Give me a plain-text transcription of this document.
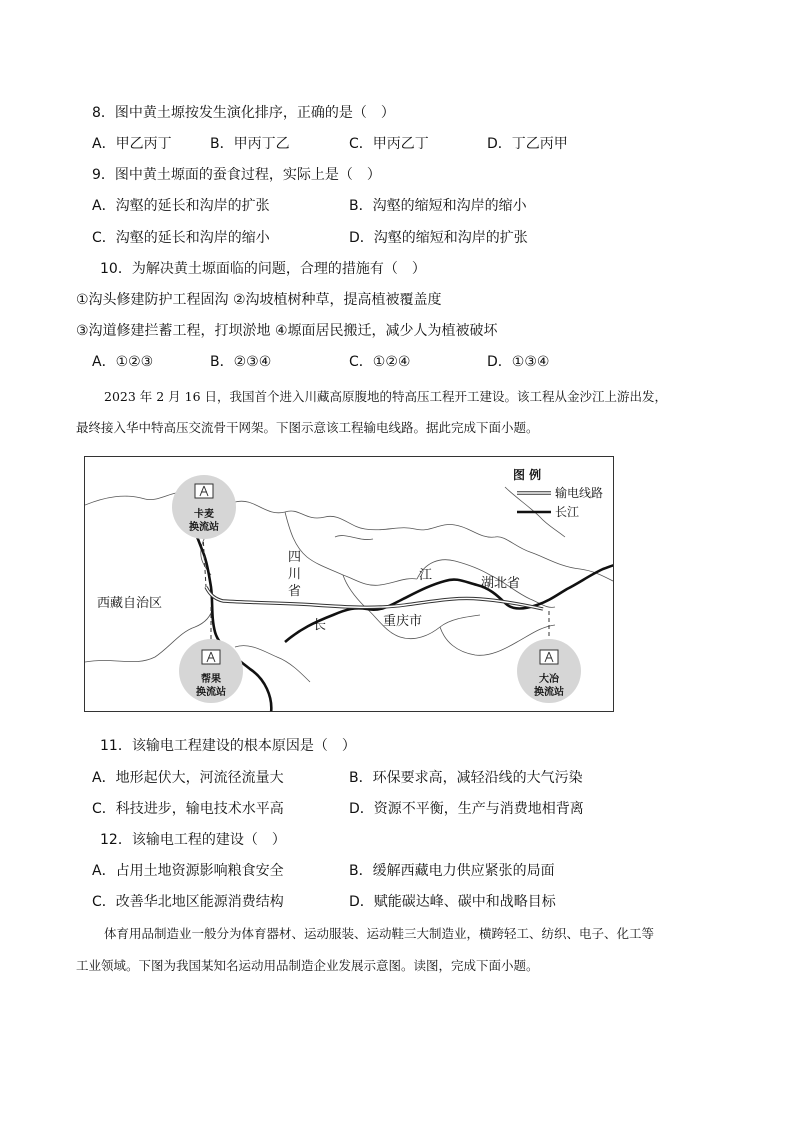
8．图中黄土塬按发生演化排序，正确的是（　）
A．甲乙丙丁	B．甲丙丁乙	C．甲丙乙丁	D．丁乙丙甲
9．图中黄土塬面的蚕食过程，实际上是（　）
A．沟壑的延长和沟岸的扩张	B．沟壑的缩短和沟岸的缩小
C．沟壑的延长和沟岸的缩小	D．沟壑的缩短和沟岸的扩张
10．为解决黄土塬面临的问题，合理的措施有（　）
①沟头修建防护工程固沟 ②沟坡植树种草，提高植被覆盖度
③沟道修建拦蓄工程，打坝淤地 ④塬面居民搬迁，减少人为植被破坏
A．①②③	B．②③④	C．①②④	D．①③④
2023 年 2 月 16 日，我国首个进入川藏高原腹地的特高压工程开工建设。该工程从金沙江上游出发，
最终接入华中特高压交流骨干网架。下图示意该工程输电线路。据此完成下面小题。
图 例
输电线路
长江
卡麦
换流站
帮果
换流站
大冶
换流站
西藏自治区
四
川
省
湖北省
重庆市
长
江
11．该输电工程建设的根本原因是（　）
A．地形起伏大，河流径流量大	B．环保要求高，减轻沿线的大气污染
C．科技进步，输电技术水平高	D．资源不平衡，生产与消费地相背离
12．该输电工程的建设（　）
A．占用土地资源影响粮食安全	B．缓解西藏电力供应紧张的局面
C．改善华北地区能源消费结构	D．赋能碳达峰、碳中和战略目标
体育用品制造业一般分为体育器材、运动服装、运动鞋三大制造业，横跨轻工、纺织、电子、化工等
工业领域。下图为我国某知名运动用品制造企业发展示意图。读图，完成下面小题。
